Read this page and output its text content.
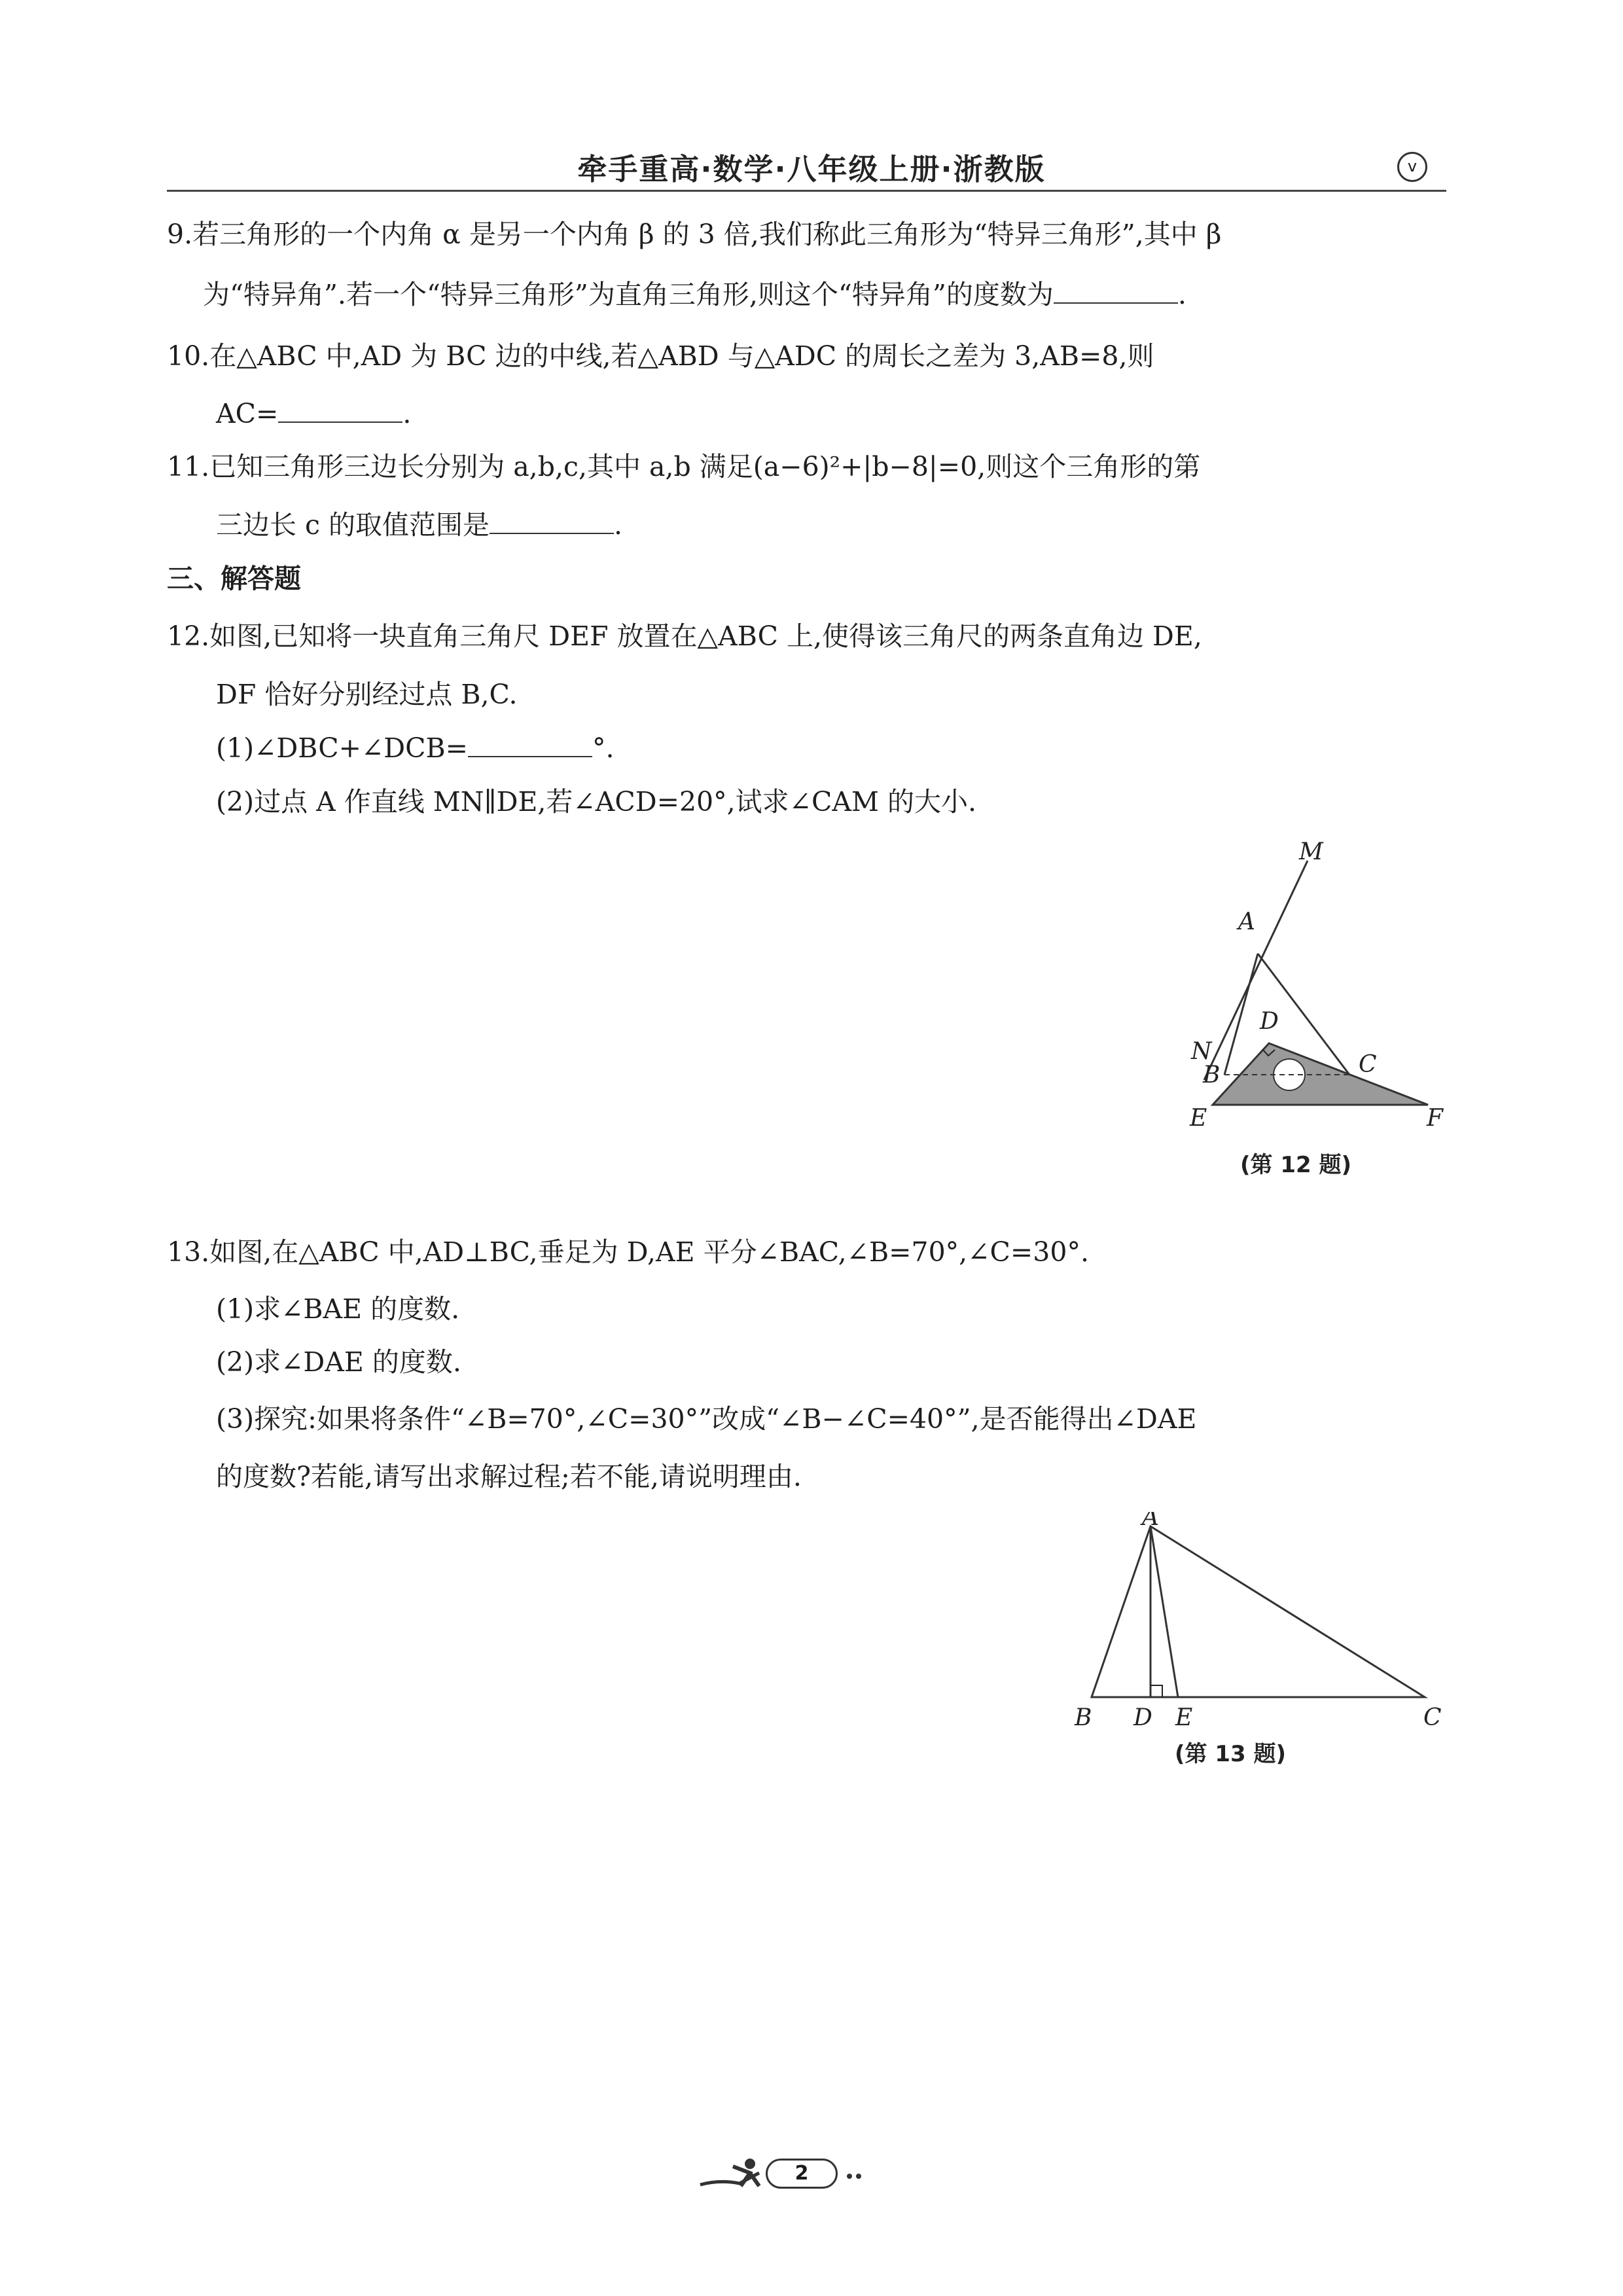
牵手重高·数学·八年级上册·浙教版	v
9.若三角形的一个内角 α 是另一个内角 β 的 3 倍,我们称此三角形为“特异三角形”,其中 β
为“特异角”.若一个“特异三角形”为直角三角形,则这个“特异角”的度数为	.
10.在△ABC 中,AD 为 BC 边的中线,若△ABD 与△ADC 的周长之差为 3,AB=8,则
AC=	.
11.已知三角形三边长分别为 a,b,c,其中 a,b 满足(a−6)²+|b−8|=0,则这个三角形的第
三边长 c 的取值范围是	.
三、解答题
12.如图,已知将一块直角三角尺 DEF 放置在△ABC 上,使得该三角尺的两条直角边 DE,
DF 恰好分别经过点 B,C.
(1)∠DBC+∠DCB=	°.
(2)过点 A 作直线 MN∥DE,若∠ACD=20°,试求∠CAM 的大小.
M
A
D
N
B	C
E	F
(第 12 题)
13.如图,在△ABC 中,AD⊥BC,垂足为 D,AE 平分∠BAC,∠B=70°,∠C=30°.
(1)求∠BAE 的度数.
(2)求∠DAE 的度数.
(3)探究:如果将条件“∠B=70°,∠C=30°”改成“∠B−∠C=40°”,是否能得出∠DAE
的度数?若能,请写出求解过程;若不能,请说明理由.
A
B D E	C
(第 13 题)
2
